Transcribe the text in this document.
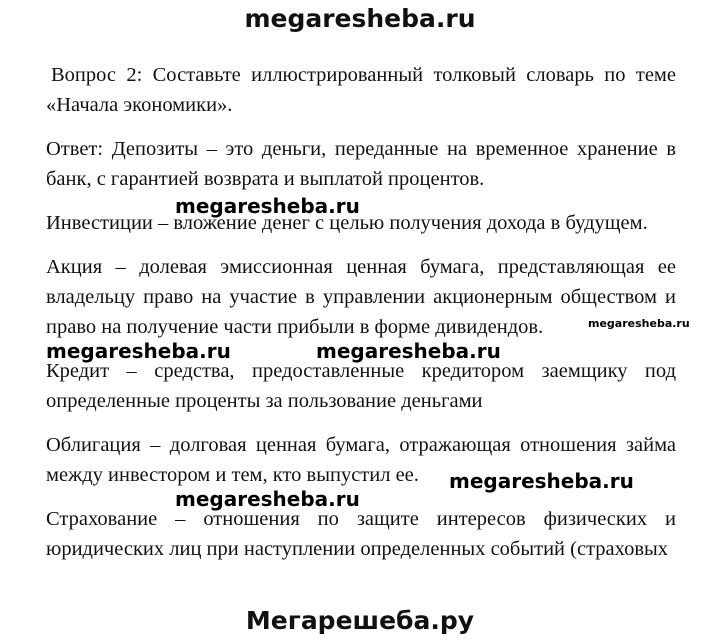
megaresheba.ru

Вопрос 2: Составьте иллюстрированный толковый словарь по теме «Начала экономики».

Ответ: Депозиты – это деньги, переданные на временное хранение в банк, с гарантией возврата и выплатой процентов.

Инвестиции – вложение денег с целью получения дохода в будущем.

Акция – долевая эмиссионная ценная бумага, представляющая ее владельцу право на участие в управлении акционерным обществом и право на получение части прибыли в форме дивидендов.

Кредит – средства, предоставленные кредитором заемщику под определенные проценты за пользование деньгами

Облигация – долговая ценная бумага, отражающая отношения займа между инвестором и тем, кто выпустил ее.

Страхование – отношения по защите интересов физических и юридических лиц при наступлении определенных событий (страховых

megaresheba.ru
megaresheba.ru
megaresheba.ru	megaresheba.ru
megaresheba.ru
megaresheba.ru
Мегарешеба.ру
